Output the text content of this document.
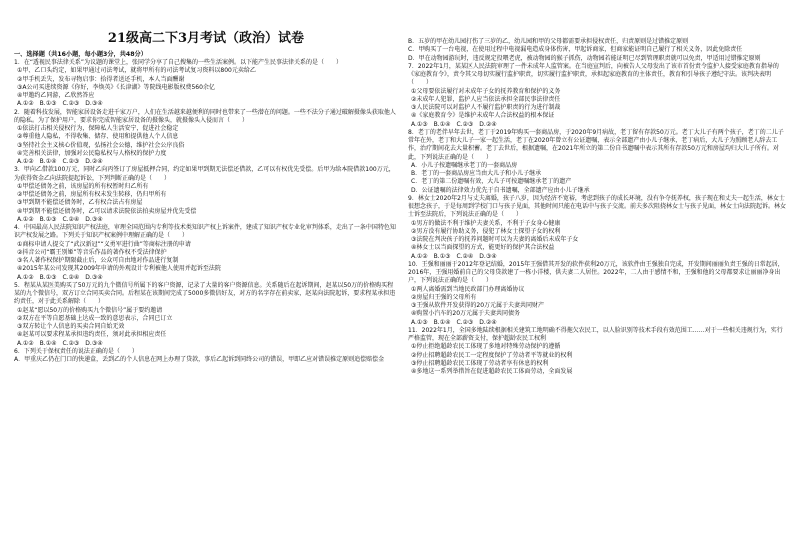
21级高二下3月考试（政治）试卷
一、选择题（共16小题，每小题3分，共48分）
1．在“透视民事法律关系”为议题的课堂上，张同学分享了自己搜集的一些生活案例。以下能产生民事法律关系的是（　　）
①甲、乙口头约定，如果甲通过司法考试，就将甲所有的司法考试复习资料以800元卖给乙
②甲手机丢失，发布寻物启事：拾得者送还手机，本人当面酬谢
③A公司买进续资源《你好，李焕英》《长津湖》等院线电影版权费560余亿
④甲邀约乙同游，乙欣然答应
A.①②　B.①③　C.②③　D.③④
2．随着科技发展，智能家居设备走进千家万户，人们在生活越来越便利的同时也带来了一些潜在的问题。一些不法分子通过破解摄像头获取他人的隐私。为了保护用户，要求你完成智能家居设备的摄像头，就摄像头入侵而言（　　）
①依法打击相关侵权行为，保障私人生活安宁，促进社会稳定
②尊重他人隐私，不得收集、储存、使用和提供他人个人信息
③坚持社会主义核心价值观，弘扬社会公德，维护社会公序良俗
④完善相关法律，加强对公民隐私权与人格权的保护力度
A.①②　B.①④　C.②③　D.②④
3．甲向乙借款100万元，同时乙向丙签订了房屋抵押合同，约定如果甲到期无法偿还借款，乙可以有权优先受偿。后甲为给本院借款100万元，为获得资金乙向法院提起诉讼，下列判断正确的是（　　）
①甲偿还债务之前，该房屋的所有权暂时归乙所有
②甲偿还债务之前，房屋所有权未发生转移，仍归甲所有
③甲到期不能偿还债务时，乙有权合法占有房屋
④甲到期不能偿还债务时，乙可以请求法院依法拍卖房屋并优先受偿
A.①②　B.①③　C.②④　D.③④
4．中国最高人民法院知识产权法庭，审理全国范围内专利等技术类知识产权上诉案件，建成了知识产权专业化审判体系，走出了一条中国特色知识产权发展之路。下列关于知识产权案例中理解正确的是（　　）
①商标申请人提交了“武汉新冠”“义勇军进行曲”等商标注册的申请
②抖音公司“霸王别姬”等音乐作品的著作权不受法律保护
③名人著作权保护期限截止后，公众可自由地对作品进行复制
④2015年某公司发现其2009年申请的外观设计专利被他人使用并起诉至法院
A.①②　B.①③　C.②④　D.③④
5．程某从某医美购买了50万元的九个微信号所属下的客户资源，记录了大量的客户资源信息。关系随后在起诉期间，赵某以50万的价格购买程某的九个微信号，双方订立合同买卖合同。后程某在该期间完成了5000多微信好友，对方的名字存在前卖家，赵某向法院起诉，要求程某承担违约责任，对于此关系解除（　　）
①赵某“愿以50万的价格购买九个微信号”属于要约邀请
②双方在平等自愿基础上达成一致的意思表示，合同已订立
③双方转让个人信息的买卖合同自始无效
④赵某可以要求程某承担违约责任，须对此承担相应责任
A.①②　B.①④　C.②③　D.③④
6．下列关于保权责任的说法正确的是（　　）
A．甲重庆乙仍在门口的快递盒，丢到乙的个人信息在网上办理了贷款，事后乙起诉到同终公司的错误，甲即乙应对错误推定原则追偿赔偿金
B．五岁的甲在幼儿园打伤了三岁的乙，幼儿园和甲的父母都需要承担侵权责任，归责原则是过错推定原则
C．甲购买了一台电视，在使用过程中电视漏电造成身体伤害，甲起诉商家，但商家能证明自己履行了相关义务，因此免除责任
D．甲在动物园游玩时，违反规定投喂老虎，被动物园的猴子抓伤，动物园若能证明已尽到管理职责就可以免责，甲适用过错推定原则
7．2022年1月，某某区人民法院审理了一件未成年人监管案。在当庭宣判后，向被告人父母发出了该市首份责令监护人接受家庭教育指导的《家庭教育令》，责令其父母切实履行监护职责，切实履行监护职责，承担起家庭教育的主体责任，教育和引导孩子遵纪守法。该判决表明（　　）
①父母要依法履行对未成年子女的抚养教育和保护的义务
②未成年人犯罪，监护人应当依法承担全部民事法律责任
③人民法院可以对监护人不履行监护职责的行为进行制裁
④《家庭教育令》是维护未成年人合法权益的根本保证
A.①③　B.①④　C.②③　D.②④
8．老丁的老伴早年去世，老丁于2019年购买一套商品房，于2020年9月病故，老丁留有存款50万元。老丁大儿子有两个孩子，老丁的二儿子常年在外，老丁和大儿子一家一起生活，老丁在2020年曾立有公证遗嘱，表示全部遗产由小儿子继承，老丁病后，大儿子为照顾老人辞去工作，治疗期间花去大量积蓄。老丁去世后，根据遗嘱，在2021年所立的第二份自书遗嘱中表示其所有存款50万元和房屋均归大儿子所有。对此，下列说法正确的是（　　）
A．小儿子按遗嘱继承老丁的一套商品房
B．老丁的一套商品房应当由大儿子和小儿子继承
C．老丁的第二份遗嘱有效，大儿子可按遗嘱继承老丁的遗产
D．公证遗嘱的法律效力优先于自书遗嘱，全部遗产应由小儿子继承
9．林女士2020年2月与丈夫离婚，孩子八岁，因为经济不宽裕，考虑到孩子的成长环境，没有争夺抚养权，孩子现在和丈夫一起生活，林女士很想念孩子，于是每周到学校门口与孩子见面，其他时间只能在电话中与孩子交流。前夫多次阻挠林女士与孩子见面，林女士向法院起诉。林女士诉至法院后，下列说法正确的是（　　）
①男方的做法不利于维护夫妻关系，不利于子女身心健康
②男方没有履行协助义务，侵犯了林女士探望子女的权利
③法院在判决孩子的抚养问题时可以为夫妻的离婚后未成年子女
④林女士以当面探望的方式，能更好的保护其合法权益
A.①②　B.①③　C.②④　D.③④
10．王强和丽丽于2012年登记结婚，2015年王强借其开发的软件获利20万元，该软件由王强独自完成，开发期间丽丽负责王强的日常起居，2016年，王强用婚前自己的父母贷款建了一栋小洋楼，供夫妻二人居住。2022年，二人由于感情不和，王强和他的父母都要求让丽丽净身出户，下列说法正确的是（　　）
①两人离婚需到当地民政部门办理离婚协议
②房屋归王强的父母所有
③王强从软件开发获得的20万元属于夫妻共同财产
④购置小汽车的20万元属于夫妻共同债务
A.①③　B.①④　C.②③　D.②④
11．2022年1月，全国多地陆续根据相关建筑工地明确不得拖欠农民工，以人脸识别等技术手段有效范围工……对于一些相关违规行为，实行严格监管，现在全部薪资支付，保护超龄农民工权利
①停止拒绝超龄农民工体现了多地对特殊劳动保护的遵循
②停止招聘超龄农民工一定程度保护了劳动者平等就业的权利
③停止招聘超龄农民工体现了劳动者享有休息的权利
④多地这一系列举措旨在促进超龄农民工体面劳动，全面发展
